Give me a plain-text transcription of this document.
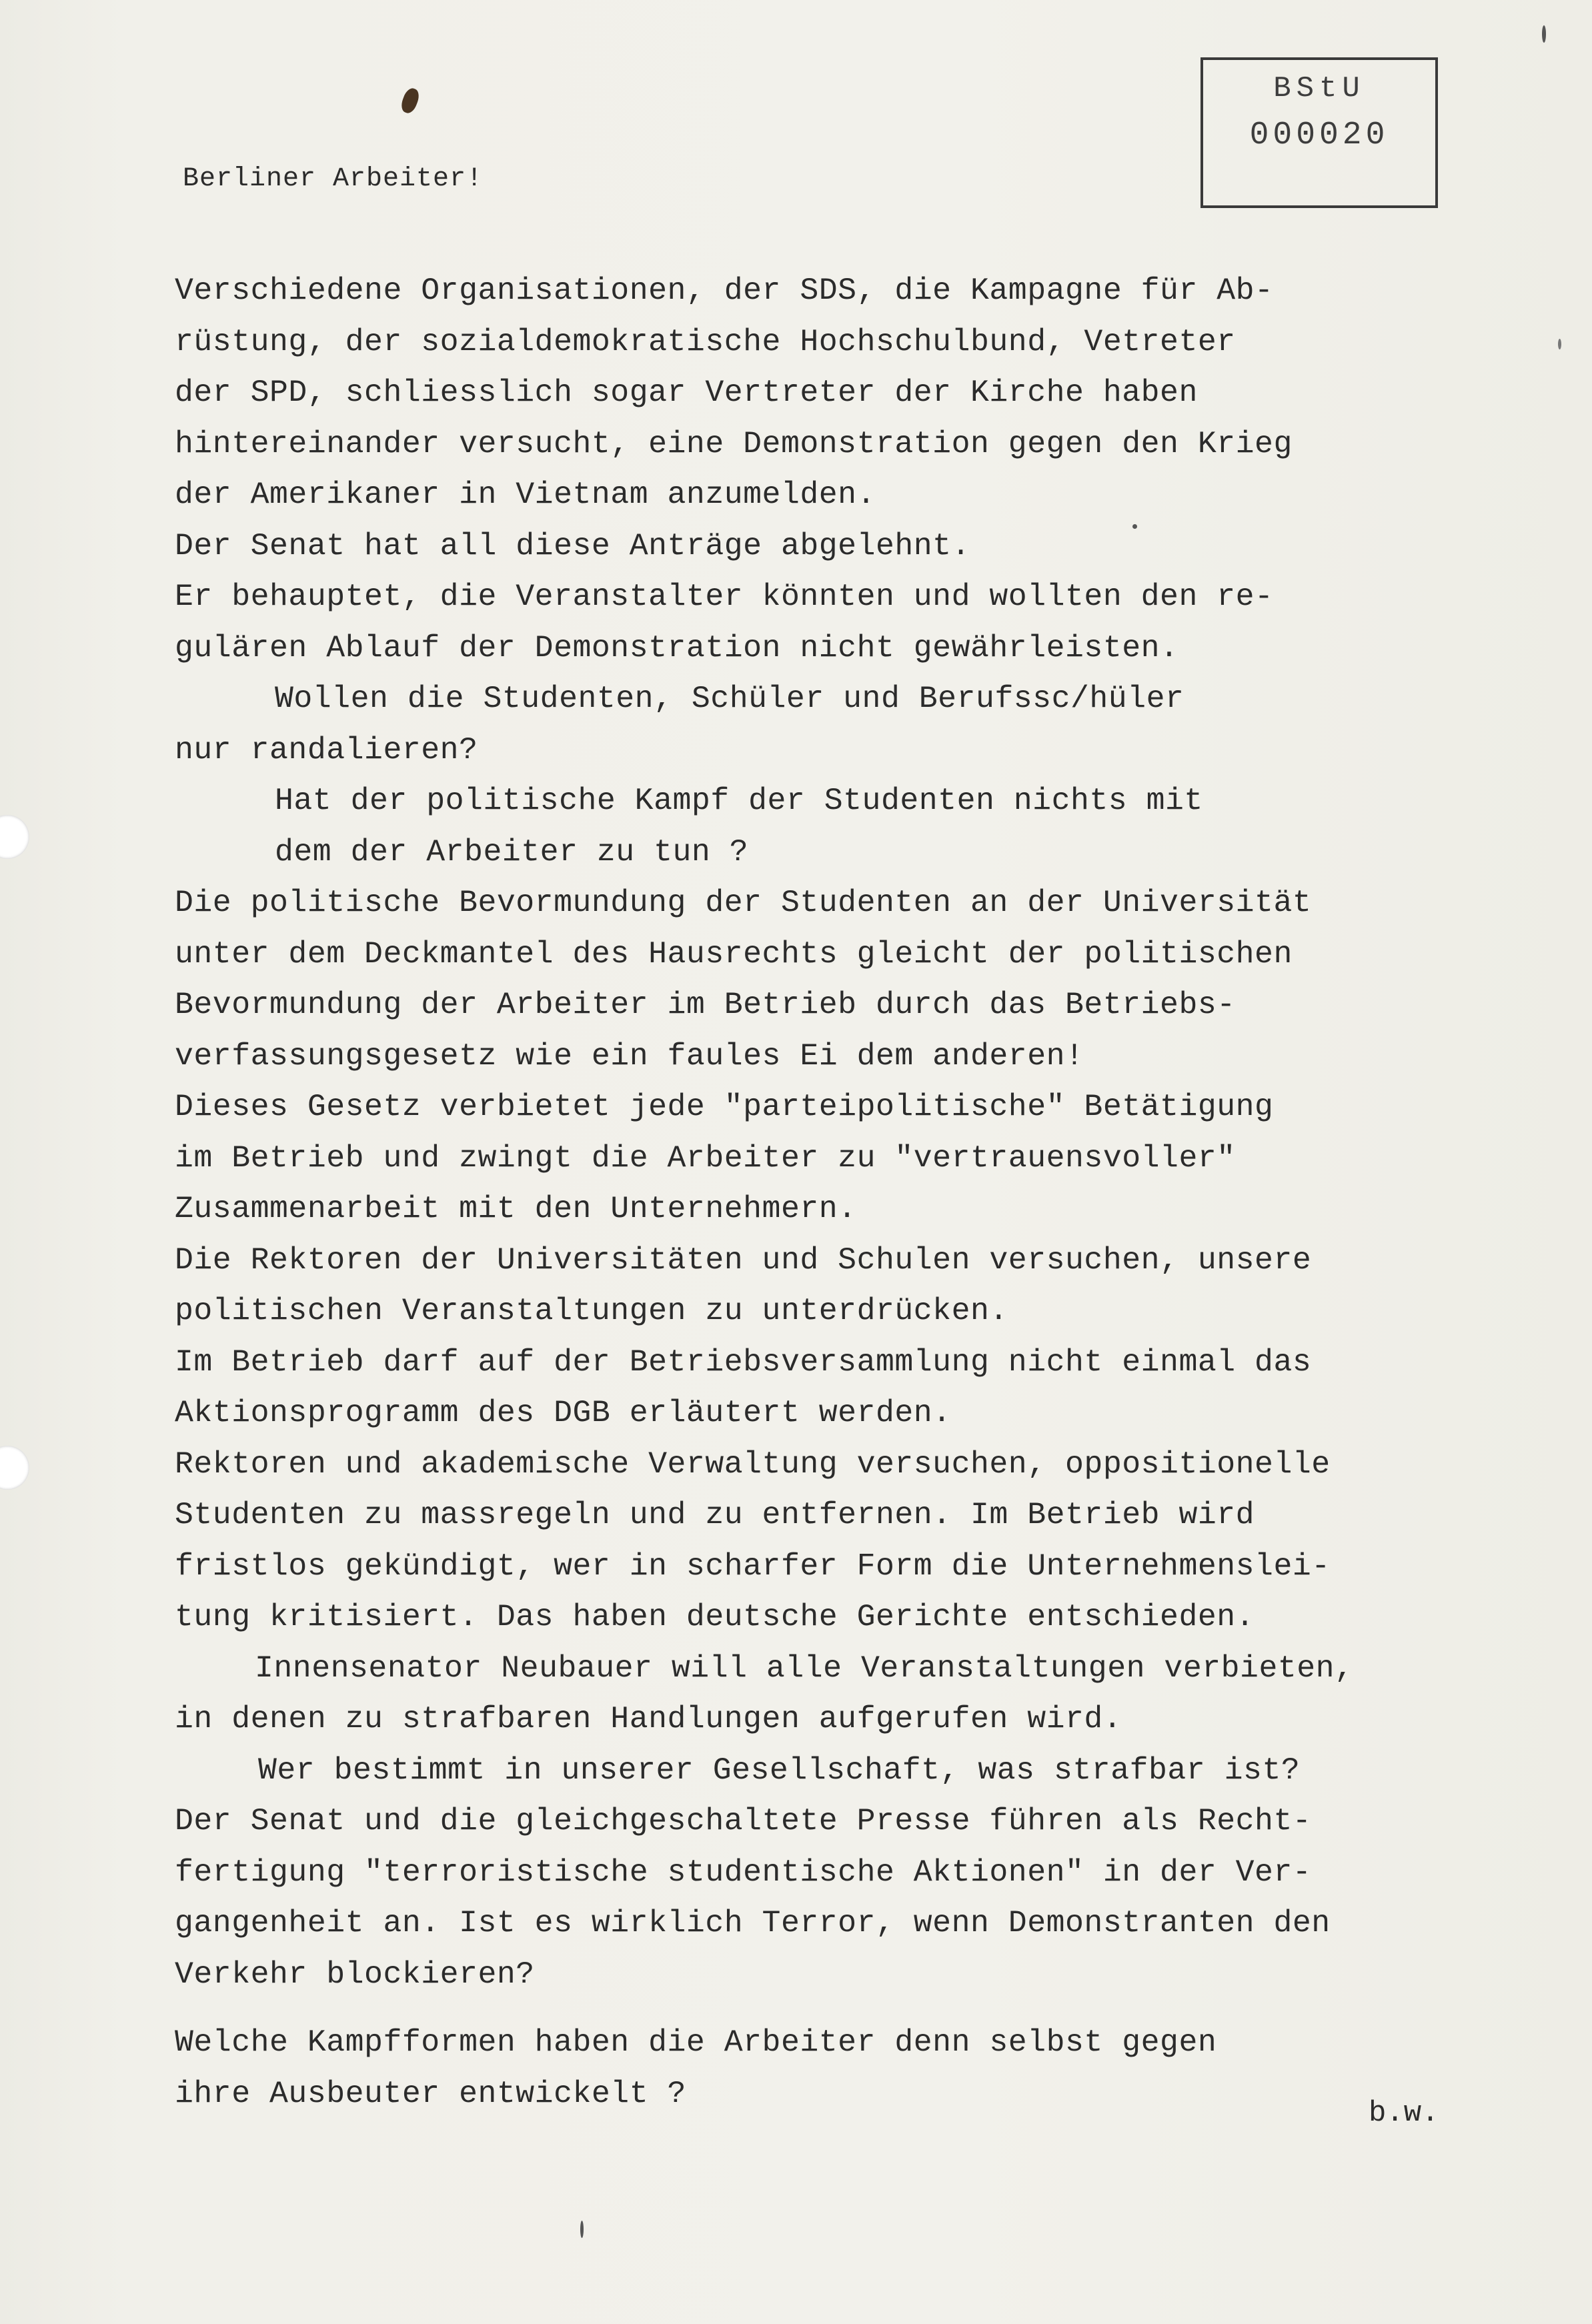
BStU
000020
Berliner Arbeiter!
Verschiedene Organisationen, der SDS, die Kampagne für Ab-
rüstung, der sozialdemokratische Hochschulbund, Vetreter
der SPD, schliesslich sogar Vertreter der Kirche haben
hintereinander versucht, eine Demonstration gegen den Krieg
der Amerikaner in Vietnam anzumelden.
Der Senat hat all diese Anträge abgelehnt.
Er behauptet, die Veranstalter könnten und wollten den re-
gulären Ablauf der Demonstration nicht gewährleisten.
Wollen die Studenten, Schüler und Berufssc/hüler
nur randalieren?
Hat der politische Kampf der Studenten nichts mit
dem der Arbeiter zu tun ?
Die politische Bevormundung der Studenten an der Universität
unter dem Deckmantel des Hausrechts gleicht der politischen
Bevormundung der Arbeiter im Betrieb durch das Betriebs-
verfassungsgesetz wie ein faules Ei dem anderen!
Dieses Gesetz verbietet jede "parteipolitische" Betätigung
im Betrieb und zwingt die Arbeiter zu "vertrauensvoller"
Zusammenarbeit mit den Unternehmern.
Die Rektoren der Universitäten und Schulen versuchen, unsere
politischen Veranstaltungen zu unterdrücken.
Im Betrieb darf auf der Betriebsversammlung nicht einmal das
Aktionsprogramm des DGB erläutert werden.
Rektoren und akademische Verwaltung versuchen, oppositionelle
Studenten zu massregeln und zu entfernen. Im Betrieb wird
fristlos gekündigt, wer in scharfer Form die Unternehmenslei-
tung kritisiert. Das haben deutsche Gerichte entschieden.
Innensenator Neubauer will alle Veranstaltungen verbieten,
in denen zu strafbaren Handlungen aufgerufen wird.
Wer bestimmt in unserer Gesellschaft, was strafbar ist?
Der Senat und die gleichgeschaltete Presse führen als Recht-
fertigung "terroristische studentische Aktionen" in der Ver-
gangenheit an. Ist es wirklich Terror, wenn Demonstranten den
Verkehr blockieren?
Welche Kampfformen haben die Arbeiter denn selbst gegen
ihre Ausbeuter entwickelt ?
b.w.
